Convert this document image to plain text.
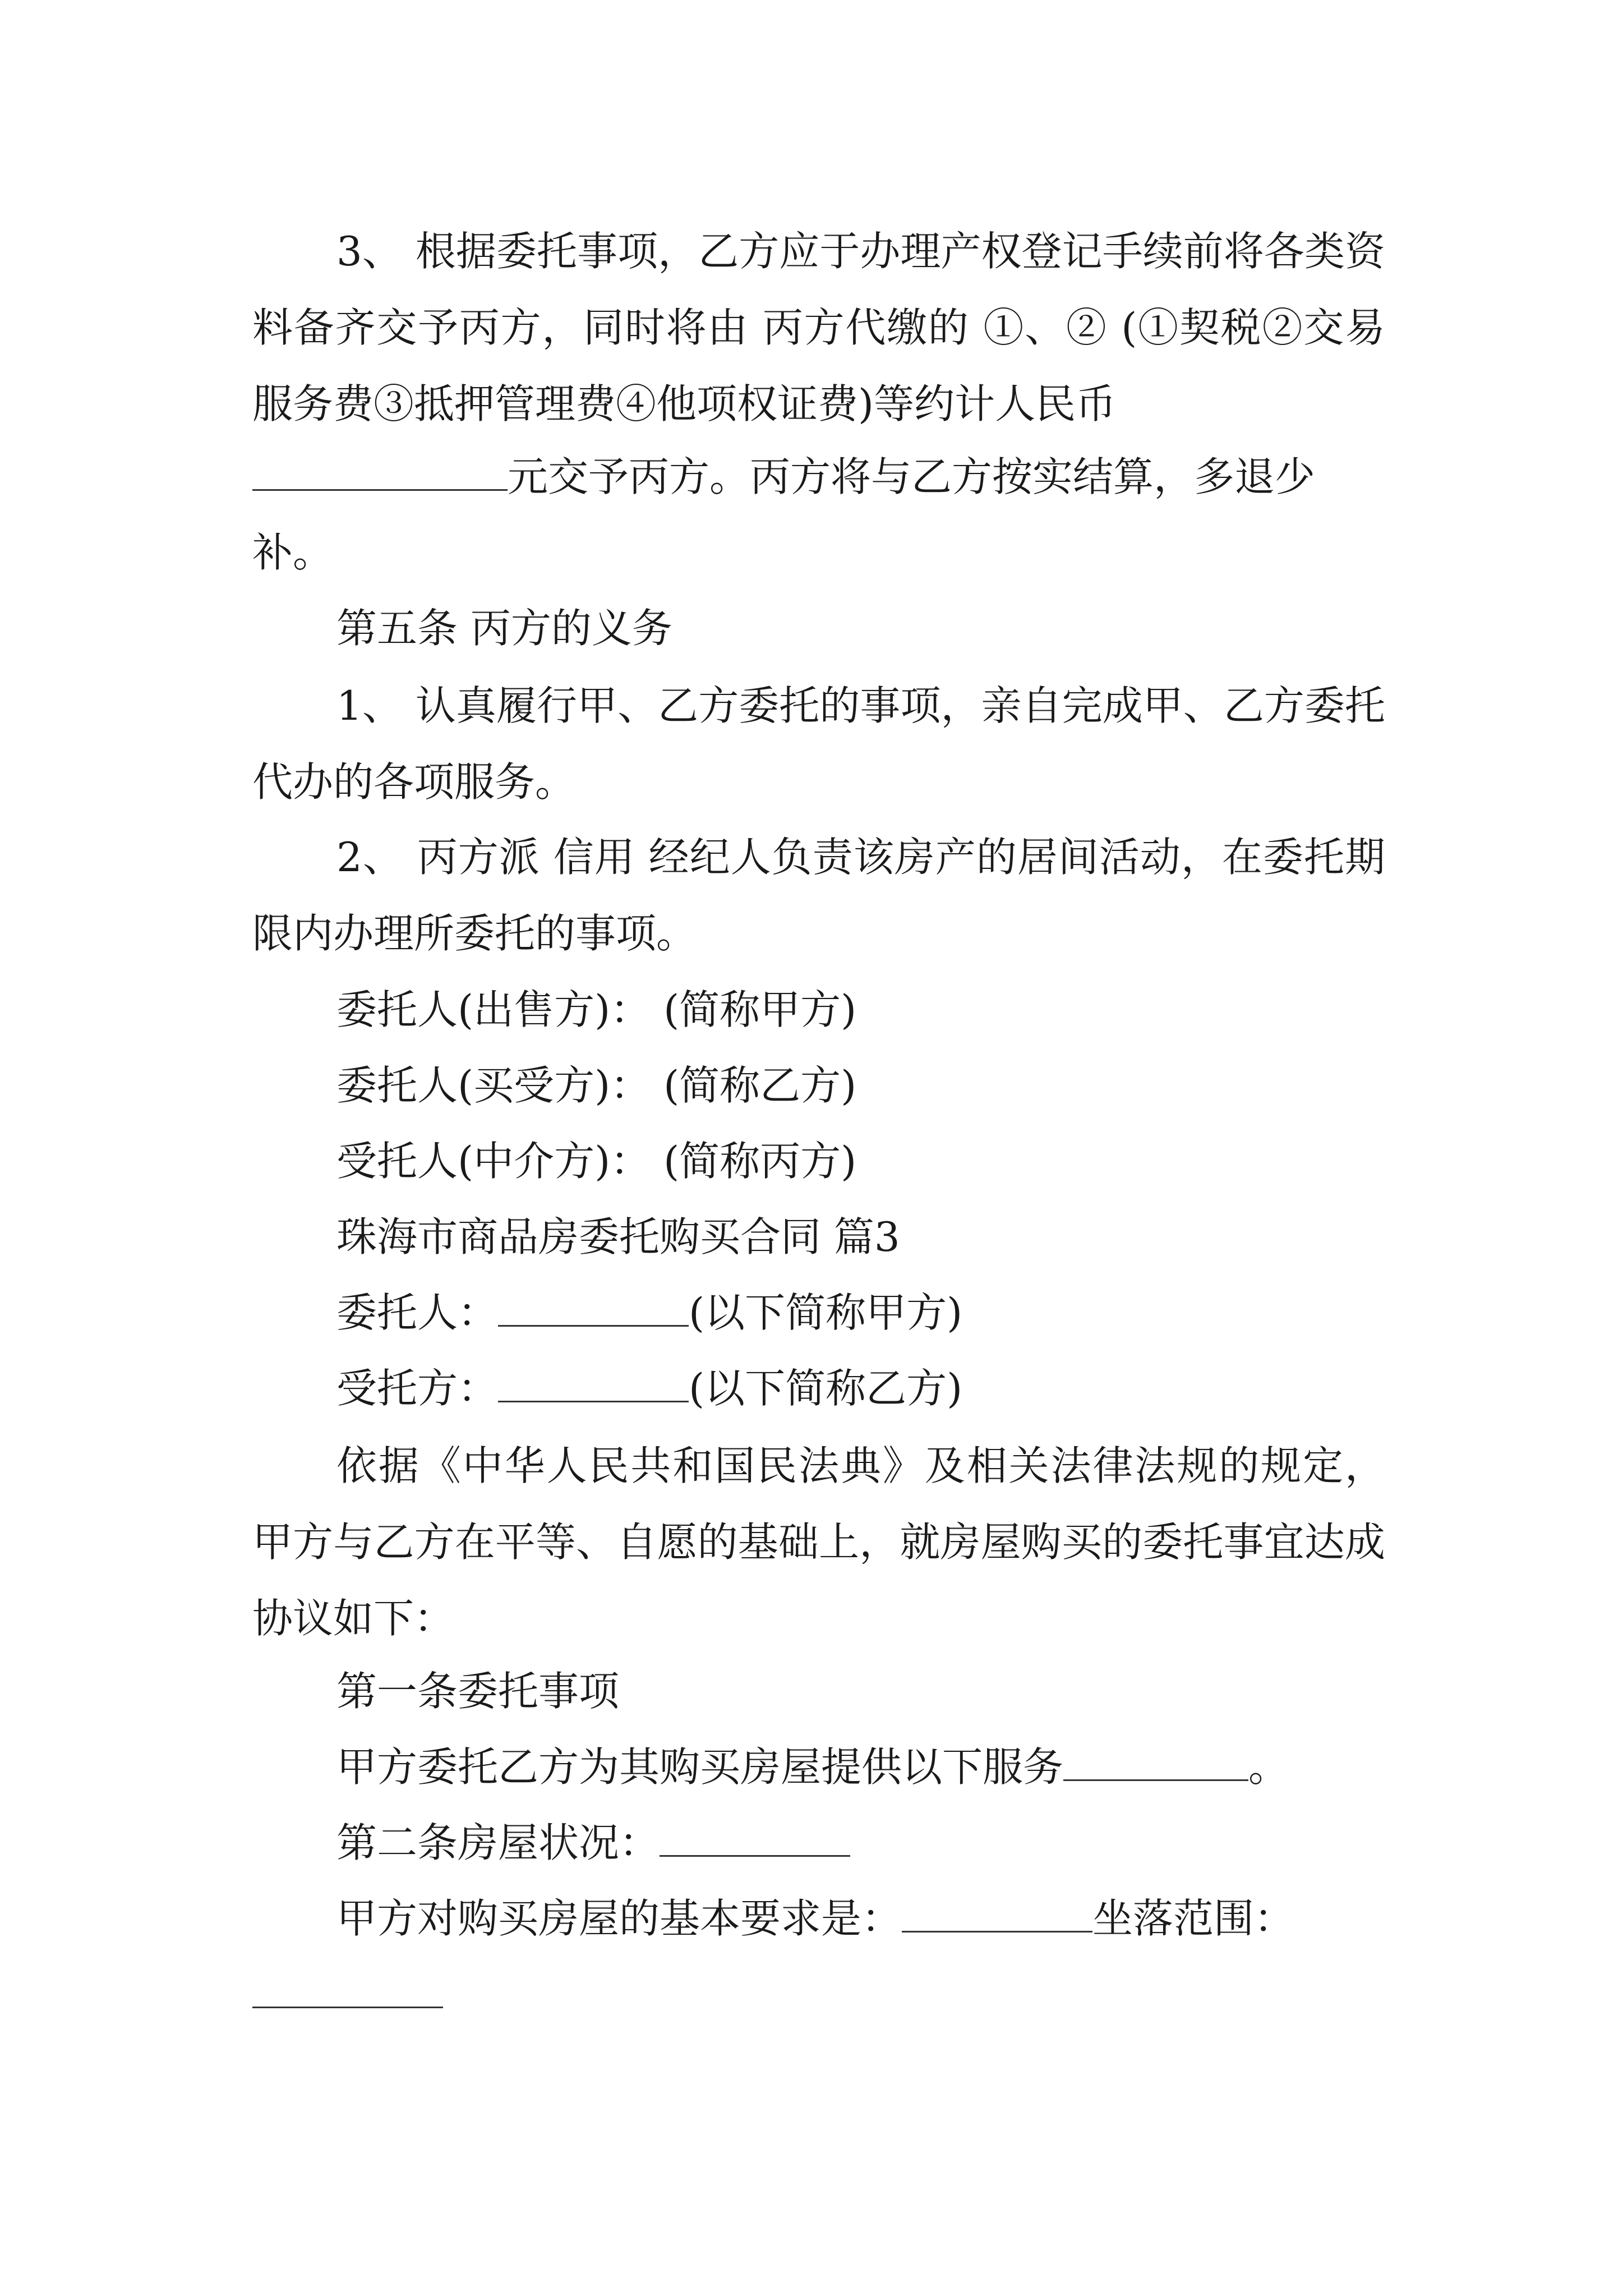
3、 根据委托事项，乙方应于办理产权登记手续前将各类资料备齐交予丙方，同时将由 丙方代缴的 ①、② (①契税②交易服务费③抵押管理费④他项权证费)等约计人民币
元交予丙方。丙方将与乙方按实结算，多退少
补。
第五条 丙方的义务
1、 认真履行甲、乙方委托的事项，亲自完成甲、乙方委托代办的各项服务。
2、 丙方派 信用 经纪人负责该房产的居间活动，在委托期限内办理所委托的事项。
委托人(出售方)： (简称甲方)
委托人(买受方)： (简称乙方)
受托人(中介方)： (简称丙方)
珠海市商品房委托购买合同 篇3
委托人：	(以下简称甲方)
受托方：	(以下简称乙方)
依据《中华人民共和国民法典》及相关法律法规的规定，甲方与乙方在平等、自愿的基础上，就房屋购买的委托事宜达成协议如下：
第一条委托事项
甲方委托乙方为其购买房屋提供以下服务	。
第二条房屋状况：
甲方对购买房屋的基本要求是：	坐落范围：
